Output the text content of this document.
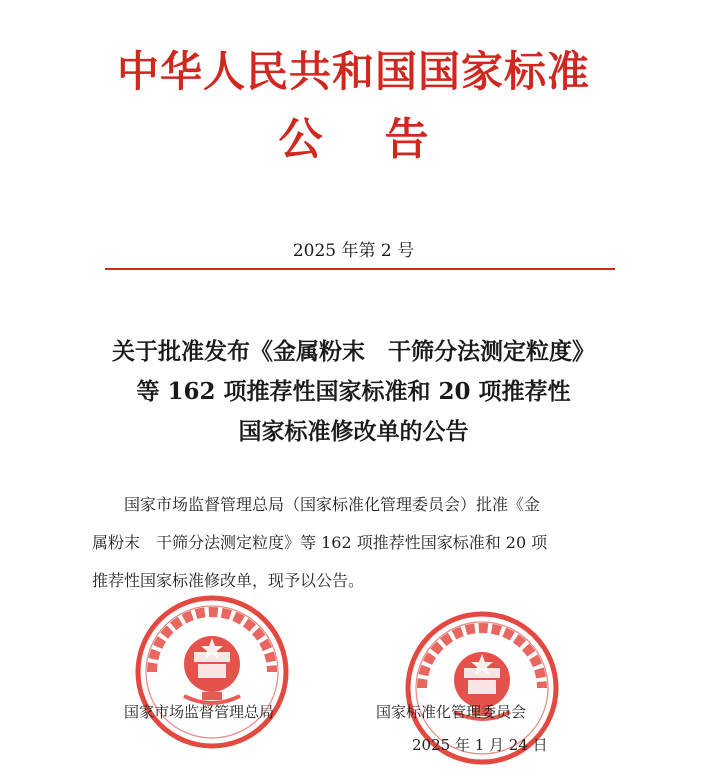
中华人民共和国国家标准
公告
2025 年第 2 号
关于批准发布《金属粉末　干筛分法测定粒度》
等 162 项推荐性国家标准和 20 项推荐性
国家标准修改单的公告
　　国家市场监督管理总局（国家标准化管理委员会）批准《金
属粉末　干筛分法测定粒度》等 162 项推荐性国家标准和 20 项
推荐性国家标准修改单，现予以公告。
国家市场监督管理总局	国家标准化管理委员会
2025 年 1 月 24 日
